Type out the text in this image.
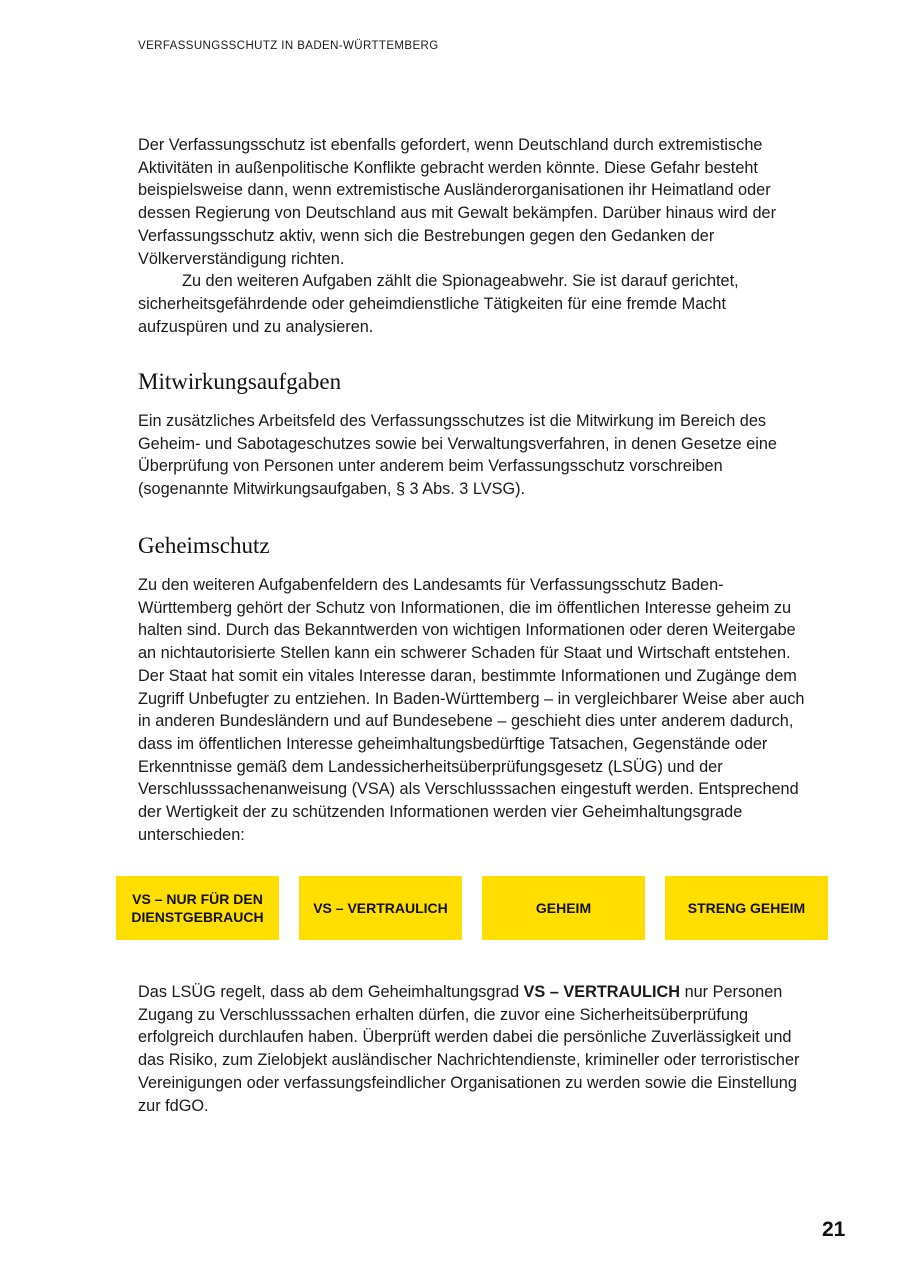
VERFASSUNGSSCHUTZ IN BADEN-WÜRTTEMBERG

Der Verfassungsschutz ist ebenfalls gefordert, wenn Deutschland durch extremistische Aktivitäten in außenpolitische Konflikte gebracht werden könnte. Diese Gefahr besteht beispielsweise dann, wenn extremistische Ausländerorganisationen ihr Heimatland oder dessen Regierung von Deutschland aus mit Gewalt bekämpfen. Darüber hinaus wird der Verfassungsschutz aktiv, wenn sich die Bestrebungen gegen den Gedanken der Völkerverständigung richten.

Zu den weiteren Aufgaben zählt die Spionageabwehr. Sie ist darauf gerichtet, sicherheitsgefährdende oder geheimdienstliche Tätigkeiten für eine fremde Macht aufzuspüren und zu analysieren.

Mitwirkungsaufgaben

Ein zusätzliches Arbeitsfeld des Verfassungsschutzes ist die Mitwirkung im Bereich des Geheim- und Sabotageschutzes sowie bei Verwaltungsverfahren, in denen Gesetze eine Überprüfung von Personen unter anderem beim Verfassungsschutz vorschreiben (sogenannte Mitwirkungsaufgaben, § 3 Abs. 3 LVSG).

Geheimschutz

Zu den weiteren Aufgabenfeldern des Landesamts für Verfassungsschutz Baden-Württemberg gehört der Schutz von Informationen, die im öffentlichen Interesse geheim zu halten sind. Durch das Bekanntwerden von wichtigen Informationen oder deren Weitergabe an nichtautorisierte Stellen kann ein schwerer Schaden für Staat und Wirtschaft entstehen. Der Staat hat somit ein vitales Interesse daran, bestimmte Informationen und Zugänge dem Zugriff Unbefugter zu entziehen. In Baden-Württemberg – in vergleichbarer Weise aber auch in anderen Bundesländern und auf Bundesebene – geschieht dies unter anderem dadurch, dass im öffentlichen Interesse geheimhaltungsbedürftige Tatsachen, Gegenstände oder Erkenntnisse gemäß dem Landessicherheitsüberprüfungsgesetz (LSÜG) und der Verschlusssachenanweisung (VSA) als Verschlusssachen eingestuft werden. Entsprechend der Wertigkeit der zu schützenden Informationen werden vier Geheimhaltungsgrade unterschieden:

VS – NUR FÜR DEN DIENSTGEBRAUCH
VS – VERTRAULICH	GEHEIM	STRENG GEHEIM

Das LSÜG regelt, dass ab dem Geheimhaltungsgrad VS – VERTRAULICH nur Personen Zugang zu Verschlusssachen erhalten dürfen, die zuvor eine Sicherheitsüberprüfung erfolgreich durchlaufen haben. Überprüft werden dabei die persönliche Zuverlässigkeit und das Risiko, zum Zielobjekt ausländischer Nachrichtendienste, krimineller oder terroristischer Vereinigungen oder verfassungsfeindlicher Organisationen zu werden sowie die Einstellung zur fdGO.

21
